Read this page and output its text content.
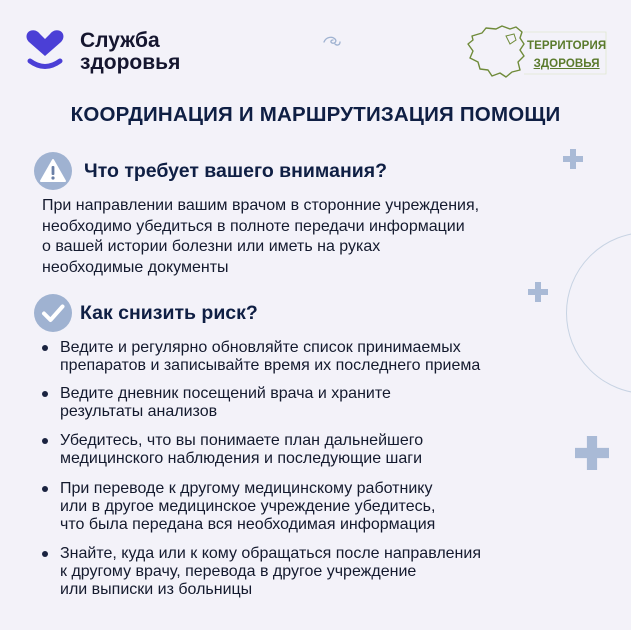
Служба
здоровья
ТЕРРИТОРИЯ
ЗДОРОВЬЯ
КООРДИНАЦИЯ И МАРШРУТИЗАЦИЯ ПОМОЩИ
Что требует вашего внимания?
При направлении вашим врачом в сторонние учреждения,
необходимо убедиться в полноте передачи информации
о вашей истории болезни или иметь на руках
необходимые документы
Как снизить риск?
Ведите и регулярно обновляйте список принимаемых
препаратов и записывайте время их последнего приема
Ведите дневник посещений врача и храните
результаты анализов
Убедитесь, что вы понимаете план дальнейшего
медицинского наблюдения и последующие шаги
При переводе к другому медицинскому работнику
или в другое медицинское учреждение убедитесь,
что была передана вся необходимая информация
Знайте, куда или к кому обращаться после направления
к другому врачу, перевода в другое учреждение
или выписки из больницы
